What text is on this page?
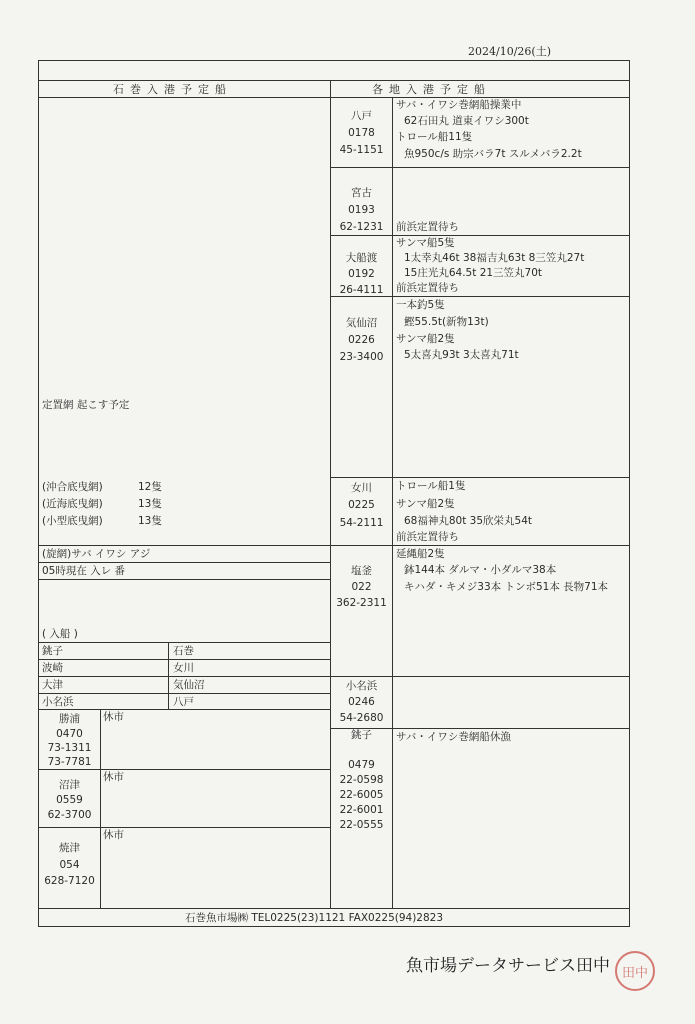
2024/10/26(土)
石巻入港予定船	各地入港予定船
定置網 起こす予定
(沖合底曳網)	12隻
(近海底曳網)	13隻
(小型底曳網)	13隻
(旋網)サバ イワシ アジ
05時現在 入レ 番
( 入船 )
銚子	石巻
波崎	女川
大津	気仙沼
小名浜	八戸
勝浦
0470
73-1311
73-7781
休市
沼津
0559
62-3700
休市
焼津
054
628-7120
休市
八戸
0178
45-1151
サバ・イワシ巻網船操業中
62石田丸 道東イワシ300t
トロール船11隻
魚950c/s 助宗バラ7t スルメバラ2.2t
宮古
0193
62-1231	前浜定置待ち
大船渡
0192
26-4111
サンマ船5隻
1太幸丸46t 38福吉丸63t 8三笠丸27t
15庄光丸64.5t 21三笠丸70t
前浜定置待ち
気仙沼
0226
23-3400
一本釣5隻
鰹55.5t(新物13t)
サンマ船2隻
5太喜丸93t 3太喜丸71t
女川
0225
54-2111
トロール船1隻
サンマ船2隻
68福神丸80t 35欣栄丸54t
前浜定置待ち
塩釜
022
362-2311
延縄船2隻
鉢144本 ダルマ・小ダルマ38本
キハダ・キメジ33本 トンボ51本 長物71本
小名浜
0246
54-2680
銚子
0479
22-0598
22-6005
22-6001
22-0555
サバ・イワシ巻網船休漁
石巻魚市場㈱ TEL0225(23)1121 FAX0225(94)2823
魚市場データサービス田中 田中
